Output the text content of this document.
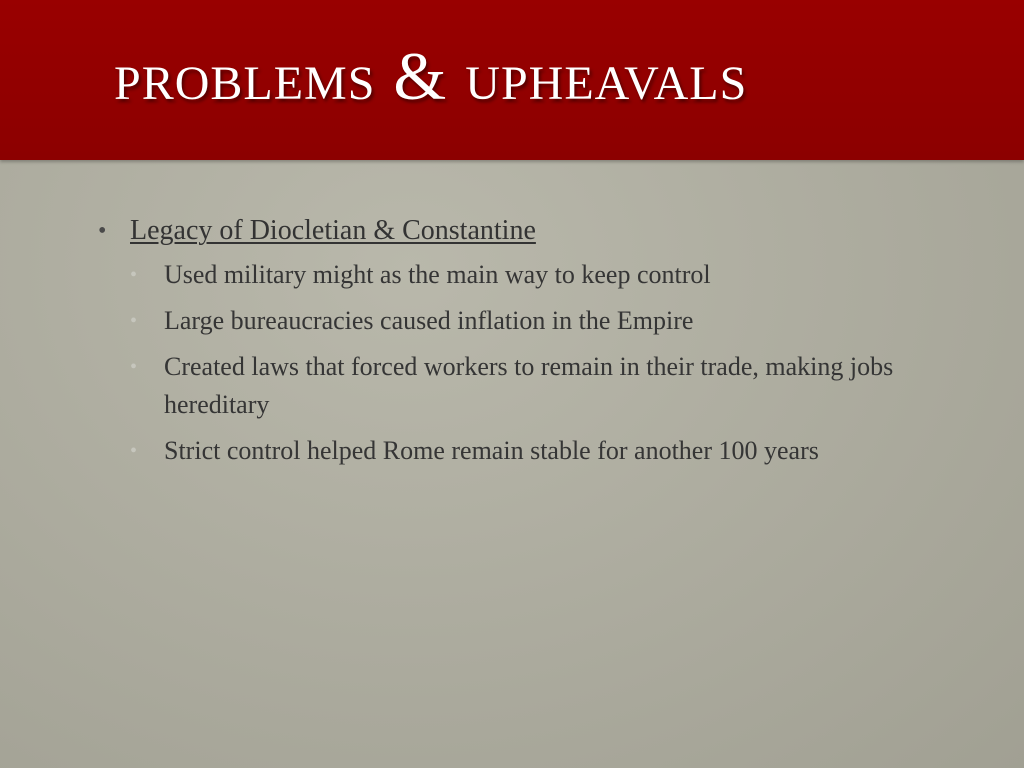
problems & upheavals
• Legacy of Diocletian & Constantine
• Used military might as the main way to keep control
• Large bureaucracies caused inflation in the Empire
• Created laws that forced workers to remain in their trade, making jobs hereditary
• Strict control helped Rome remain stable for another 100 years
